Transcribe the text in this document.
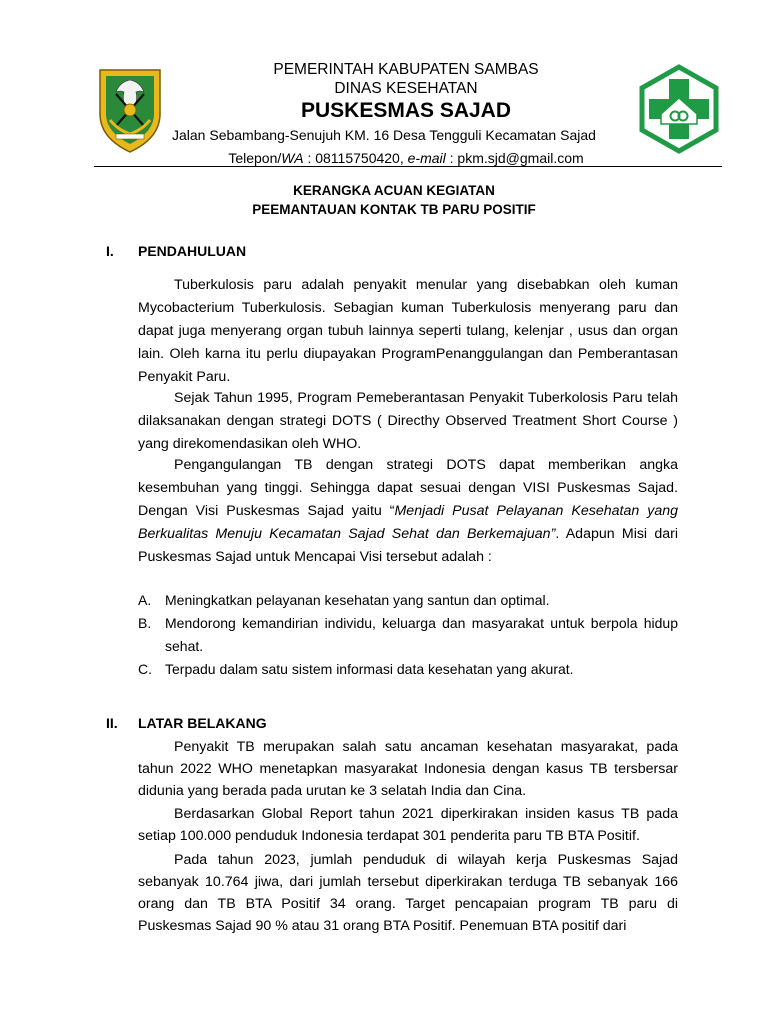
PEMERINTAH KABUPATEN SAMBAS
DINAS KESEHATAN
PUSKESMAS SAJAD
Jalan Sebambang-Senujuh KM. 16 Desa Tengguli Kecamatan Sajad
Telepon/WA : 08115750420, e-mail : pkm.sjd@gmail.com
KERANGKA ACUAN KEGIATAN
PEEMANTAUAN KONTAK TB PARU POSITIF
I. PENDAHULUAN

Tuberkulosis paru adalah penyakit menular yang disebabkan oleh kuman Mycobacterium Tuberkulosis. Sebagian kuman Tuberkulosis menyerang paru dan dapat juga menyerang organ tubuh lainnya seperti tulang, kelenjar , usus dan organ lain. Oleh karna itu perlu diupayakan ProgramPenanggulangan dan Pemberantasan Penyakit Paru.

Sejak Tahun 1995, Program Pemeberantasan Penyakit Tuberkolosis Paru telah dilaksanakan dengan strategi DOTS ( Directhy Observed Treatment Short Course ) yang direkomendasikan oleh WHO.

Pengangulangan TB dengan strategi DOTS dapat memberikan angka kesembuhan yang tinggi. Sehingga dapat sesuai dengan VISI Puskesmas Sajad. Dengan Visi Puskesmas Sajad yaitu “Menjadi Pusat Pelayanan Kesehatan yang Berkualitas Menuju Kecamatan Sajad Sehat dan Berkemajuan”. Adapun Misi dari Puskesmas Sajad untuk Mencapai Visi tersebut adalah :

A. Meningkatkan pelayanan kesehatan yang santun dan optimal.
B. Mendorong kemandirian individu, keluarga dan masyarakat untuk berpola hidup sehat.
C. Terpadu dalam satu sistem informasi data kesehatan yang akurat.
II. LATAR BELAKANG

Penyakit TB merupakan salah satu ancaman kesehatan masyarakat, pada tahun 2022 WHO menetapkan masyarakat Indonesia dengan kasus TB tersbersar didunia yang berada pada urutan ke 3 selatah India dan Cina.

Berdasarkan Global Report tahun 2021 diperkirakan insiden kasus TB pada setiap 100.000 penduduk Indonesia terdapat 301 penderita paru TB BTA Positif.

Pada tahun 2023, jumlah penduduk di wilayah kerja Puskesmas Sajad sebanyak 10.764 jiwa, dari jumlah tersebut diperkirakan terduga TB sebanyak 166 orang dan TB BTA Positif 34 orang. Target pencapaian program TB paru di Puskesmas Sajad 90 % atau 31 orang BTA Positif. Penemuan BTA positif dari
